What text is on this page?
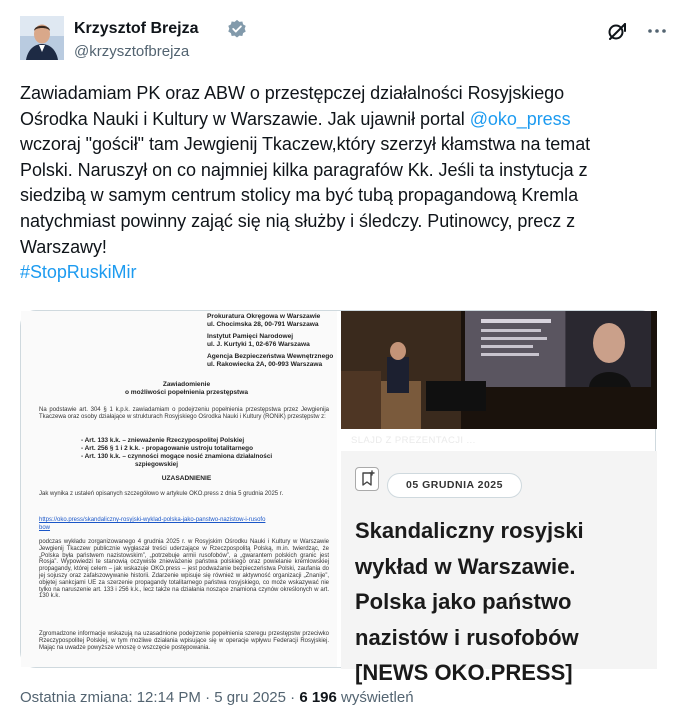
Krzysztof Brejza
@krzysztofbrejza
Zawiadamiam PK oraz ABW o przestępczej działalności Rosyjskiego
Ośrodka Nauki i Kultury w Warszawie. Jak ujawnił portal @oko_press
wczoraj "gościł" tam Jewgienij Tkaczew,który szerzył kłamstwa na temat
Polski. Naruszył on co najmniej kilka paragrafów Kk. Jeśli ta instytucja z
siedzibą w samym centrum stolicy ma być tubą propagandową Kremla
natychmiast powinny zająć się nią służby i śledczy. Putinowcy, precz z
Warszawy!
#StopRuskiMir
Prokuratura Okręgowa w Warszawie
ul. Chocimska 28, 00-791 Warszawa
Instytut Pamięci Narodowej
ul. J. Kurtyki 1, 02-676 Warszawa
Agencja Bezpieczeństwa Wewnętrznego
ul. Rakowiecka 2A, 00-993 Warszawa
Zawiadomienie
o możliwości popełnienia przestępstwa
Na podstawie art. 304 § 1 k.p.k. zawiadamiam o podejrzeniu popełnienia przestępstwa przez Jewgienija Tkaczewa oraz osoby działające w strukturach Rosyjskiego Ośrodka Nauki i Kultury (RONiK) przestępstw z:
- Art. 133 k.k. – znieważenie Rzeczypospolitej Polskiej
- Art. 256 § 1 i 2 k.k. - propagowanie ustroju totalitarnego
- Art. 130 k.k. – czynności mogące nosić znamiona działalności
szpiegowskiej
UZASADNIENIE
Jak wynika z ustaleń opisanych szczegółowo w artykule OKO.press z dnia 5 grudnia 2025 r.
https://oko.press/skandaliczny-rosyjski-wyklad-polska-jako-panstwo-nazistow-i-rusofo
bow
podczas wykładu zorganizowanego 4 grudnia 2025 r. w Rosyjskim Ośrodku Nauki i Kultury w Warszawie Jewgienij Tkaczew publicznie wygłaszał treści uderzające w Rzeczpospolitą Polską, m.in. twierdząc, że „Polska była państwem nazistowskim”, „potrzebuje armii rusofobów”, a „gwarantem polskich granic jest Rosja”. Wypowiedzi te stanowią oczywiste znieważenie państwa polskiego oraz powielanie kremlowskiej propagandy, której celem – jak wskazuje OKO.press – jest podważanie bezpieczeństwa Polski, zaufania do jej sojuszy oraz zafałszowywanie historii. Zdarzenie wpisuje się również w aktywność organizacji „Znanije”, objętej sankcjami UE za szerzenie propagandy totalitarnego państwa rosyjskiego, co może wskazywać nie tylko na naruszenie art. 133 i 256 k.k., lecz także na działania noszące znamiona czynów określonych w art. 130 k.k.
Zgromadzone informacje wskazują na uzasadnione podejrzenie popełnienia szeregu przestępstw przeciwko Rzeczypospolitej Polskiej, w tym możliwe działania wpisujące się w operacje wpływu Federacji Rosyjskiej. Mając na uwadze powyższe wnoszę o wszczęcie postępowania.
SLAJD Z PREZENTACJI ...
05 GRUDNIA 2025
Skandaliczny rosyjski
wykład w Warszawie.
Polska jako państwo
nazistów i rusofobów
[NEWS OKO.PRESS]
Ostatnia zmiana: 12:14 PM · 5 gru 2025 · 6 196 wyświetleń
